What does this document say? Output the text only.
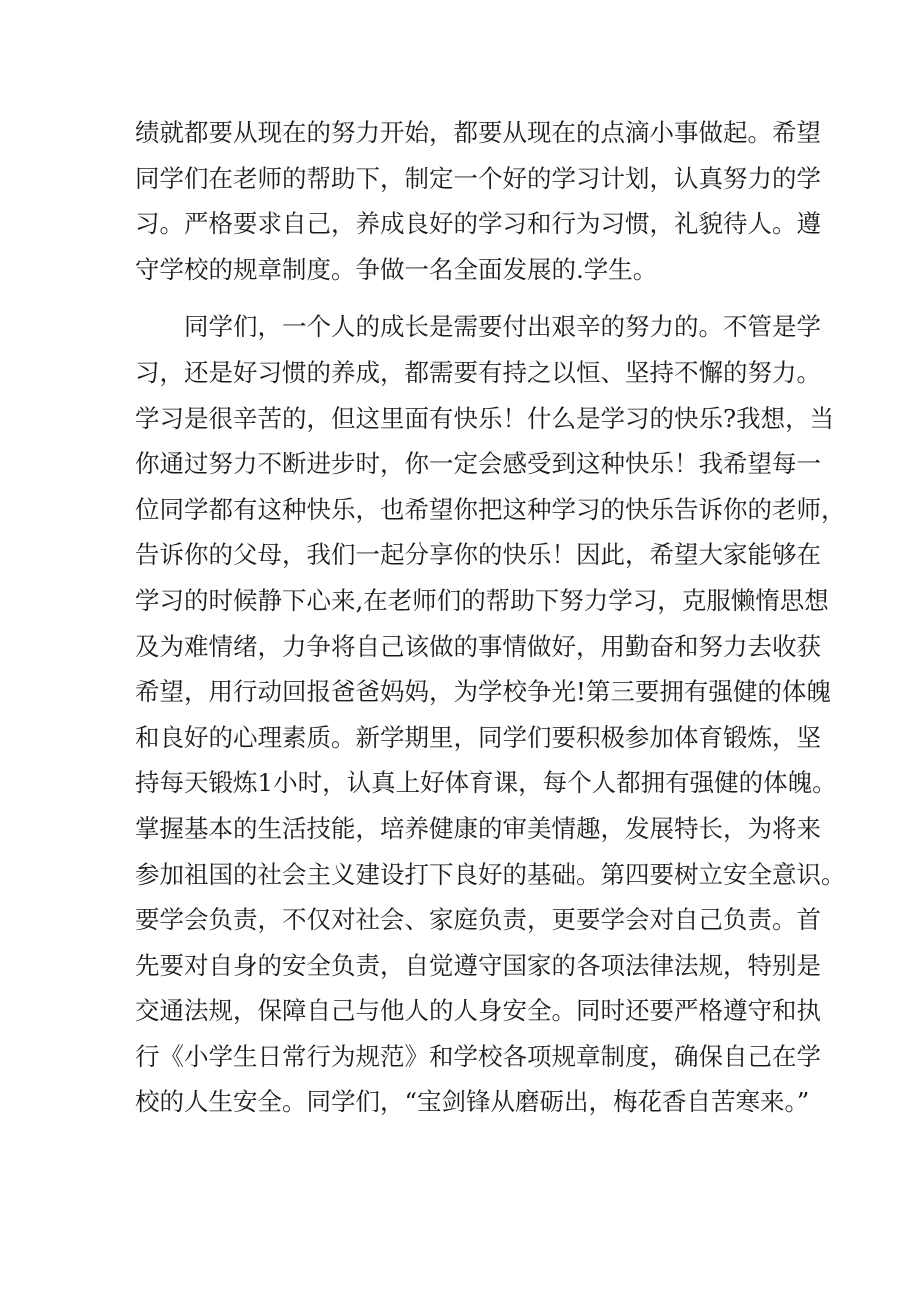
绩就都要从现在的努力开始，都要从现在的点滴小事做起。希望
同学们在老师的帮助下，制定一个好的学习计划，认真努力的学
习。严格要求自己，养成良好的学习和行为习惯，礼貌待人。遵
守学校的规章制度。争做一名全面发展的.学生。
同学们，一个人的成长是需要付出艰辛的努力的。不管是学
习，还是好习惯的养成，都需要有持之以恒、坚持不懈的努力。
学习是很辛苦的，但这里面有快乐！什么是学习的快乐?我想，当
你通过努力不断进步时，你一定会感受到这种快乐！我希望每一
位同学都有这种快乐，也希望你把这种学习的快乐告诉你的老师，
告诉你的父母，我们一起分享你的快乐！因此，希望大家能够在
学习的时候静下心来,在老师们的帮助下努力学习，克服懒惰思想
及为难情绪，力争将自己该做的事情做好，用勤奋和努力去收获
希望，用行动回报爸爸妈妈，为学校争光!第三要拥有强健的体魄
和良好的心理素质。新学期里，同学们要积极参加体育锻炼，坚
持每天锻炼1小时，认真上好体育课，每个人都拥有强健的体魄。
掌握基本的生活技能，培养健康的审美情趣，发展特长，为将来
参加祖国的社会主义建设打下良好的基础。第四要树立安全意识。
要学会负责，不仅对社会、家庭负责，更要学会对自己负责。首
先要对自身的安全负责，自觉遵守国家的各项法律法规，特别是
交通法规，保障自己与他人的人身安全。同时还要严格遵守和执
行《小学生日常行为规范》和学校各项规章制度，确保自己在学
校的人生安全。同学们，“宝剑锋从磨砺出，梅花香自苦寒来。”
